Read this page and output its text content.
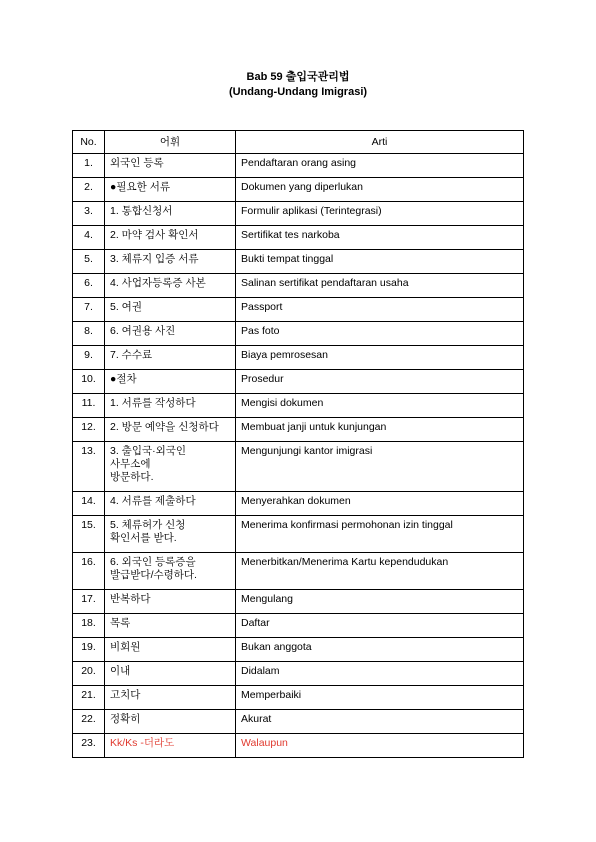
Bab 59 출입국관리법
(Undang-Undang Imigrasi)
No.	어휘	Arti
1.	외국인 등록	Pendaftaran orang asing
2.	●필요한 서류	Dokumen yang diperlukan
3.	1. 통합신청서	Formulir aplikasi (Terintegrasi)
4.	2. 마약 검사 확인서	Sertifikat tes narkoba
5.	3. 체류지 입증 서류	Bukti tempat tinggal
6.	4. 사업자등록증 사본	Salinan sertifikat pendaftaran usaha
7.	5. 여권	Passport
8.	6. 여권용 사진	Pas foto
9.	7. 수수료	Biaya pemrosesan
10.	●절차	Prosedur
11.	1. 서류를 작성하다	Mengisi dokumen
12.	2. 방문 예약을 신청하다	Membuat janji untuk kunjungan
13.	3. 출입국·외국인
사무소에
방문하다.	Mengunjungi kantor imigrasi
14.	4. 서류를 제출하다	Menyerahkan dokumen
15.	5. 체류허가 신청
확인서를 받다.	Menerima konfirmasi permohonan izin tinggal
16.	6. 외국인 등록증을
발급받다/수령하다.	Menerbitkan/Menerima Kartu kependudukan
17.	반복하다	Mengulang
18.	목록	Daftar
19.	비회원	Bukan anggota
20.	이내	Didalam
21.	고치다	Memperbaiki
22.	정확히	Akurat
23.	Kk/Ks -더라도	Walaupun
